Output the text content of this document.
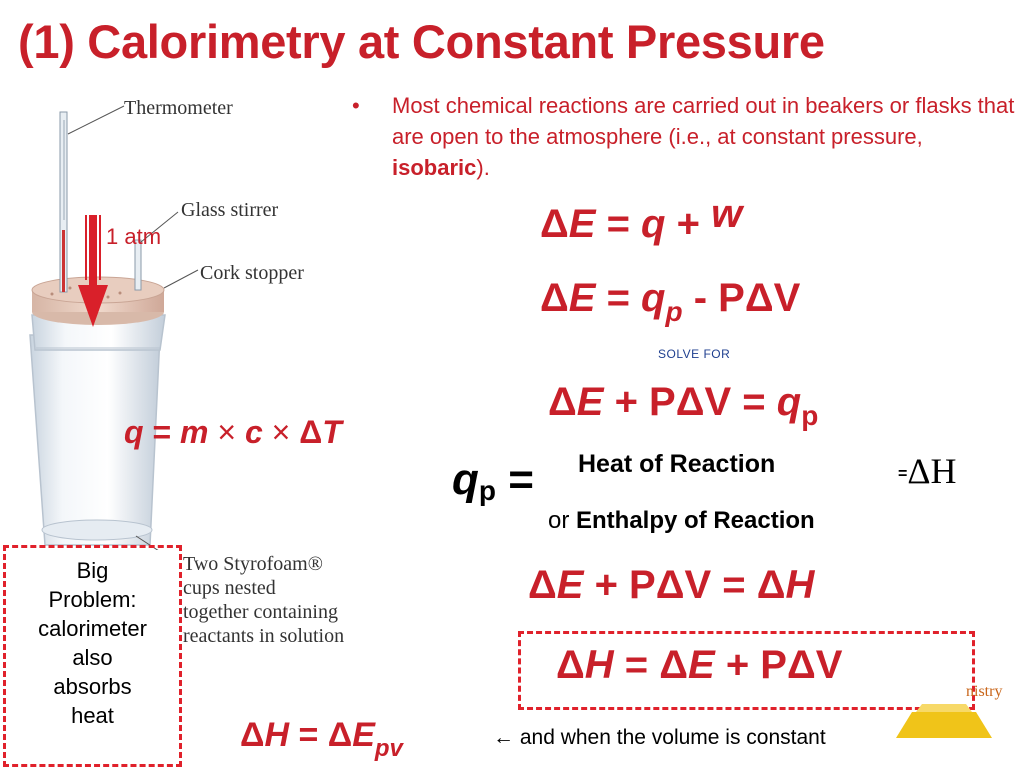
(1) Calorimetry at Constant Pressure
• Most chemical reactions are carried out in beakers or flasks that are open to the atmosphere (i.e., at constant pressure, isobaric).
Thermometer
Glass stirrer
Cork stopper
1 atm
Two Styrofoam®
cups nested
together containing
reactants in solution
q = m × c × ΔT
ΔE = q + w
$\Delta E = q_p - P\Delta V$
SOLVE FOR
$\Delta E + P\Delta V = q_p$
qp = Heat of Reaction
or Enthalpy of Reaction
=ΔH
ΔE + PΔV = ΔH
ΔH = ΔE + PΔV
nistry
$\Delta H = \Delta E_{pv}$	← and when the volume is constant
Big
Problem:
calorimeter
also
absorbs
heat
